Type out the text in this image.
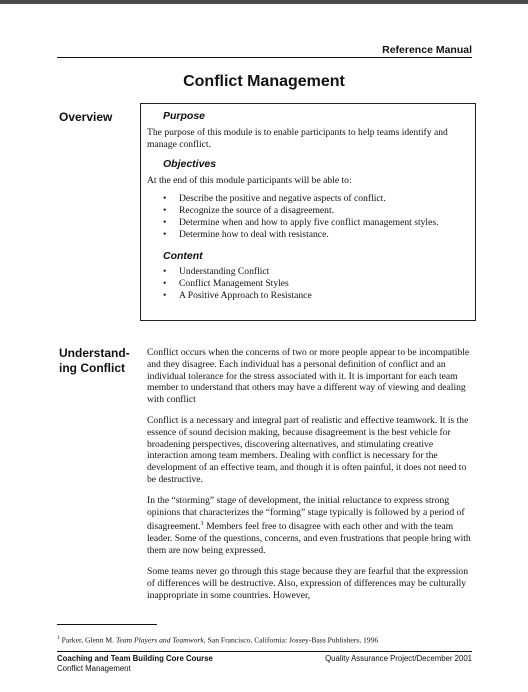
Reference Manual
Conflict Management
Overview	Purpose

The purpose of this module is to enable participants to help teams identify and manage conflict.

Objectives

At the end of this module participants will be able to:

• Describe the positive and negative aspects of conflict.
• Recognize the source of a disagreement.
• Determine when and how to apply five conflict management styles.
• Determine how to deal with resistance.
Content
• Understanding Conflict
• Conflict Management Styles
• A Positive Approach to Resistance
Understand-
ing Conflict

Conflict occurs when the concerns of two or more people appear to be incompatible and they disagree. Each individual has a personal definition of conflict and an individual tolerance for the stress associated with it. It is important for each team member to understand that others may have a different way of viewing and dealing with conflict

Conflict is a necessary and integral part of realistic and effective teamwork. It is the essence of sound decision making, because disagreement is the best vehicle for broadening perspectives, discovering alternatives, and stimulating creative interaction among team members. Dealing with conflict is necessary for the development of an effective team, and though it is often painful, it does not need to be destructive.

In the “storming” stage of development, the initial reluctance to express strong opinions that characterizes the “forming” stage typically is followed by a period of disagreement.$^1$ Members feel free to disagree with each other and with the team leader. Some of the questions, concerns, and even frustrations that people bring with them are now being expressed.

Some teams never go through this stage because they are fearful that the expression of differences will be destructive. Also, expression of differences may be culturally inappropriate in some countries. However,

$^1$ Parker, Glenn M. Team Players and Teamwork, San Francisco, California: Jossey-Bass Publishers, 1996
Coaching and Team Building Core Course
Conflict Management
Quality Assurance Project/December 2001
